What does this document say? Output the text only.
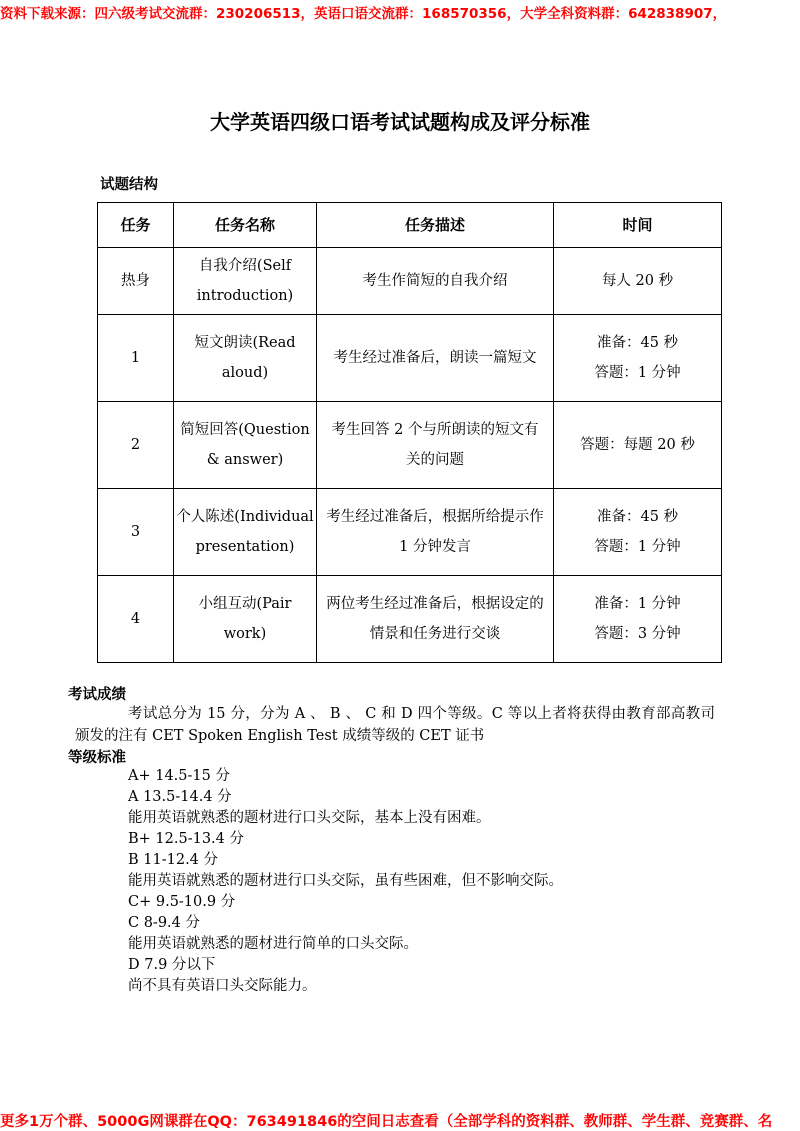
资料下载来源：四六级考试交流群：230206513，英语口语交流群：168570356，大学全科资料群：642838907，
大学英语四级口语考试试题构成及评分标准
试题结构
任务	任务名称	任务描述	时间
热身	自我介绍(Self
introduction)	考生作简短的自我介绍	每人 20 秒

1	短文朗读(Read
aloud)	考生经过准备后，朗读一篇短文	准备：45 秒
答题：1 分钟

2	简短回答(Question
& answer)	考生回答 2 个与所朗读的短文有
关的问题	答题：每题 20 秒

3	个人陈述(Individual
presentation)	考生经过准备后，根据所给提示作
1 分钟发言	准备：45 秒
答题：1 分钟

4	小组互动(Pair work)	两位考生经过准备后，根据设定的
情景和任务进行交谈	准备：1 分钟
答题：3 分钟
考试成绩
考试总分为 15 分，分为 A 、 B 、 C 和 D 四个等级。C 等以上者将获得由教育部高教司颁发的注有 CET Spoken English Test 成绩等级的 CET 证书
等级标准
A+ 14.5-15 分
A 13.5-14.4 分
能用英语就熟悉的题材进行口头交际，基本上没有困难。
B+ 12.5-13.4 分
B 11-12.4 分
能用英语就熟悉的题材进行口头交际，虽有些困难，但不影响交际。
C+ 9.5-10.9 分
C 8-9.4 分
能用英语就熟悉的题材进行简单的口头交际。
D 7.9 分以下
尚不具有英语口头交际能力。
更多1万个群、5000G网课群在QQ：763491846的空间日志查看（全部学科的资料群、教师群、学生群、竞赛群、名
